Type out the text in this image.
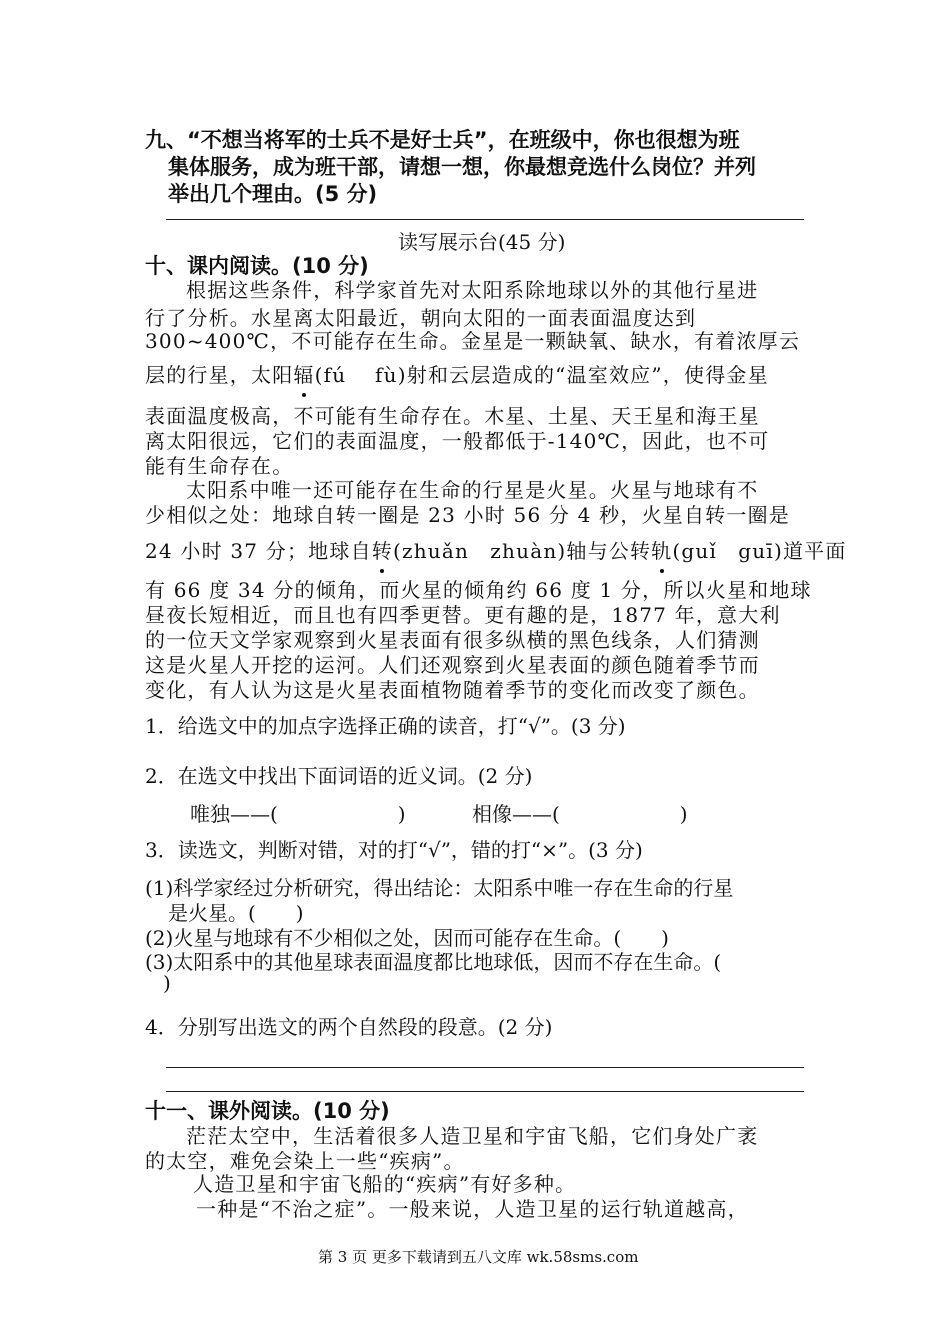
九、“不想当将军的士兵不是好士兵”，在班级中，你也很想为班
集体服务，成为班干部，请想一想，你最想竞选什么岗位？并列
举出几个理由。(5 分)
读写展示台(45 分)
十、课内阅读。(10 分)
根据这些条件，科学家首先对太阳系除地球以外的其他行星进
行了分析。水星离太阳最近，朝向太阳的一面表面温度达到
300~400℃，不可能存在生命。金星是一颗缺氧、缺水，有着浓厚云
层的行星，太阳辐(fú　 fù)射和云层造成的“温室效应”，使得金星
表面温度极高，不可能有生命存在。木星、土星、天王星和海王星
离太阳很远，它们的表面温度，一般都低于-140℃，因此，也不可
能有生命存在。
太阳系中唯一还可能存在生命的行星是火星。火星与地球有不
少相似之处：地球自转一圈是 23 小时 56 分 4 秒，火星自转一圈是
24 小时 37 分；地球自转(zhuǎn　zhuàn)轴与公转轨(guǐ　guī)道平面
有 66 度 34 分的倾角，而火星的倾角约 66 度 1 分，所以火星和地球
昼夜长短相近，而且也有四季更替。更有趣的是，1877 年，意大利
的一位天文学家观察到火星表面有很多纵横的黑色线条，人们猜测
这是火星人开挖的运河。人们还观察到火星表面的颜色随着季节而
变化，有人认为这是火星表面植物随着季节的变化而改变了颜色。
1．给选文中的加点字选择正确的读音，打“√”。(3 分)
2．在选文中找出下面词语的近义词。(2 分)
唯独——(　　　　　　)	相像——(　　　　　　)
3．读选文，判断对错，对的打“√”，错的打“×”。(3 分)
(1)科学家经过分析研究，得出结论：太阳系中唯一存在生命的行星
是火星。(　　)
(2)火星与地球有不少相似之处，因而可能存在生命。(　　)
(3)太阳系中的其他星球表面温度都比地球低，因而不存在生命。(
)
4．分别写出选文的两个自然段的段意。(2 分)
十一、课外阅读。(10 分)
茫茫太空中，生活着很多人造卫星和宇宙飞船，它们身处广袤
的太空，难免会染上一些“疾病”。
人造卫星和宇宙飞船的“疾病”有好多种。
一种是“不治之症”。一般来说，人造卫星的运行轨道越高，
第 3 页 更多下载请到五八文库 wk.58sms.com
